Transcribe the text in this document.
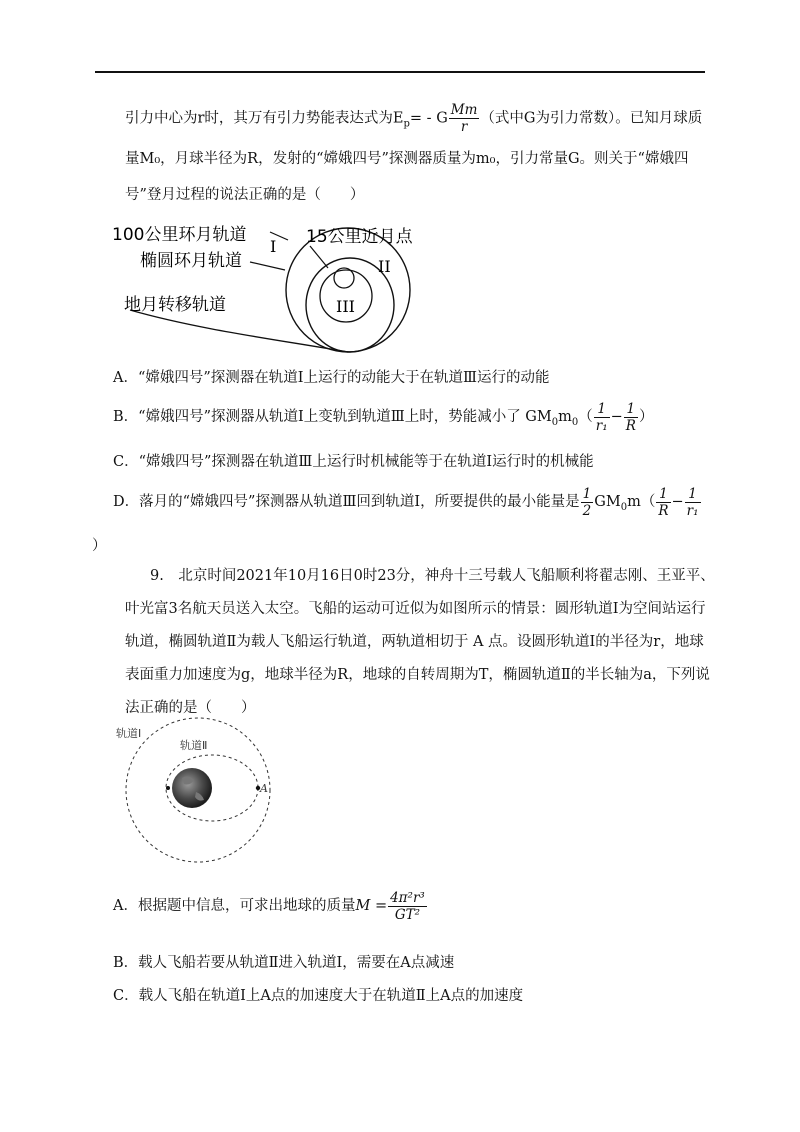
引力中心为r时，其万有引力势能表达式为$E_p= - G \frac{Mm}{r}$ （式中G为引力常数）。已知月球质
量M₀，月球半径为R，发射的“嫦娥四号”探测器质量为m₀，引力常量G。则关于“嫦娥四
号”登月过程的说法正确的是（　　）
100公里环月轨道
椭圆环月轨道
地月转移轨道
15公里近月点
I
II
III
A．“嫦娥四号”探测器在轨道Ⅰ上运行的动能大于在轨道Ⅲ运行的动能
B．“嫦娥四号”探测器从轨道Ⅰ上变轨到轨道Ⅲ上时，势能减小了 $GM_0m_0( \frac{1}{\text{r₁}} - \frac{1}{R}$ ）
C．“嫦娥四号”探测器在轨道Ⅲ上运行时机械能等于在轨道Ⅰ运行时的机械能
D．落月的“嫦娥四号”探测器从轨道Ⅲ回到轨道Ⅰ，所要提供的最小能量是 $\frac{1}{2} GM_0m( \frac{1}{R} - \frac{1}{\text{r₁}}$
）
9.　北京时间2021年10月16日0时23分，神舟十三号载人飞船顺利将翟志刚、王亚平、
叶光富3名航天员送入太空。飞船的运动可近似为如图所示的情景：圆形轨道Ⅰ为空间站运行
轨道，椭圆轨道Ⅱ为载人飞船运行轨道，两轨道相切于 A 点。设圆形轨道Ⅰ的半径为r，地球
表面重力加速度为g，地球半径为R，地球的自转周期为T，椭圆轨道Ⅱ的半长轴为a，下列说
法正确的是（　　）
轨道Ⅰ
轨道Ⅱ
A
A．根据题中信息，可求出地球的质量$M = \frac{\text{4π²r³}}{\text{GT²}}$
B．载人飞船若要从轨道Ⅱ进入轨道Ⅰ，需要在A点减速
C．载人飞船在轨道Ⅰ上A点的加速度大于在轨道Ⅱ上A点的加速度
